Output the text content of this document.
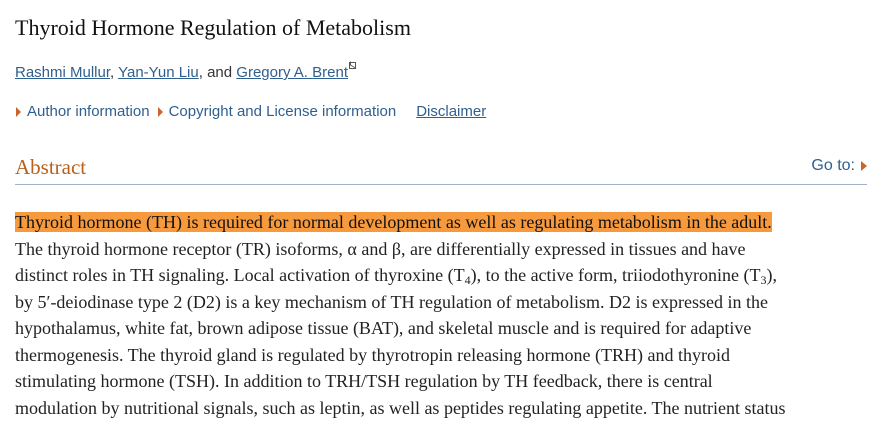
Thyroid Hormone Regulation of Metabolism
Rashmi Mullur, Yan-Yun Liu, and Gregory A. Brent
Author information Copyright and License information Disclaimer
Abstract	Go to:
Thyroid hormone (TH) is required for normal development as well as regulating metabolism in the adult.
The thyroid hormone receptor (TR) isoforms, α and β, are differentially expressed in tissues and have
distinct roles in TH signaling. Local activation of thyroxine $(T_4)$, to the active form, triiodothyronine $(T_3)$,
by 5′-deiodinase type 2 (D2) is a key mechanism of TH regulation of metabolism. D2 is expressed in the
hypothalamus, white fat, brown adipose tissue (BAT), and skeletal muscle and is required for adaptive
thermogenesis. The thyroid gland is regulated by thyrotropin releasing hormone (TRH) and thyroid
stimulating hormone (TSH). In addition to TRH/TSH regulation by TH feedback, there is central
modulation by nutritional signals, such as leptin, as well as peptides regulating appetite. The nutrient status
